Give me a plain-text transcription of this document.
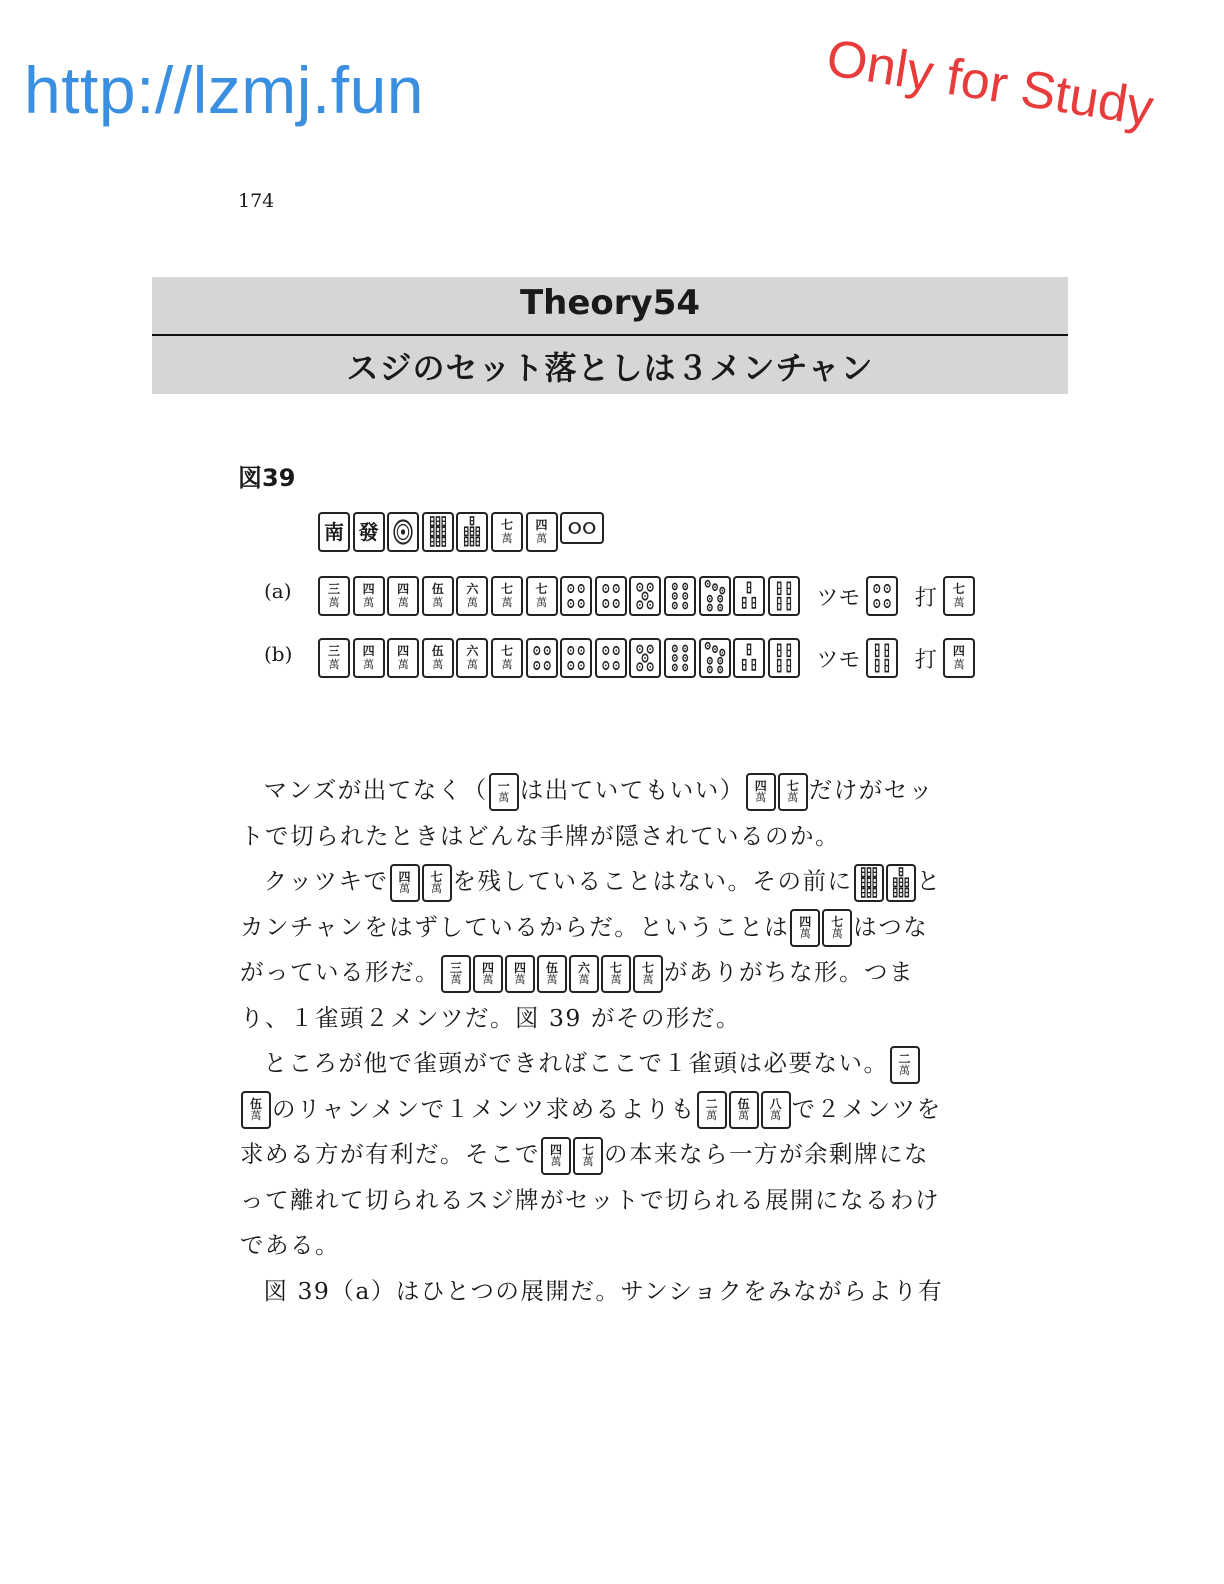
http://lzmj.fun	Only for Study
174
Theory54
スジのセット落としは３メンチャン
図39
南 發	七
萬
四
萬
(a)	三
萬
四
萬
四
萬
伍
萬
六
萬
七
萬
七
萬	ツモ 打 七
萬
(b)	三
萬
四
萬
四
萬
伍
萬
六
萬
七
萬	ツモ 打 四
萬

マンズが出てなく（ 一
萬 は出ていてもいい） 四
萬
七
萬 だけがセットで切られたときはどんな手牌が隠されているのか。

クッツキで 四
萬
七
萬 を残していることはない。その前に	とカンチャンをはずしているからだ。ということは 四
萬
七
萬 はつながっている形だ。 三
萬
四
萬
四
萬
伍
萬
六
萬
七
萬
七
萬 がありがちな形。つまり、１雀頭２メンツだ。図 39 がその形だ。

ところが他で雀頭ができればここで１雀頭は必要ない。 二
萬
伍
萬 のリャンメンで１メンツ求めるよりも 二
萬
伍
萬
八
萬 で２メンツを求める方が有利だ。そこで 四
萬
七
萬 の本来なら一方が余剰牌になって離れて切られるスジ牌がセットで切られる展開になるわけである。

図 39（a）はひとつの展開だ。サンショクをみながらより有
